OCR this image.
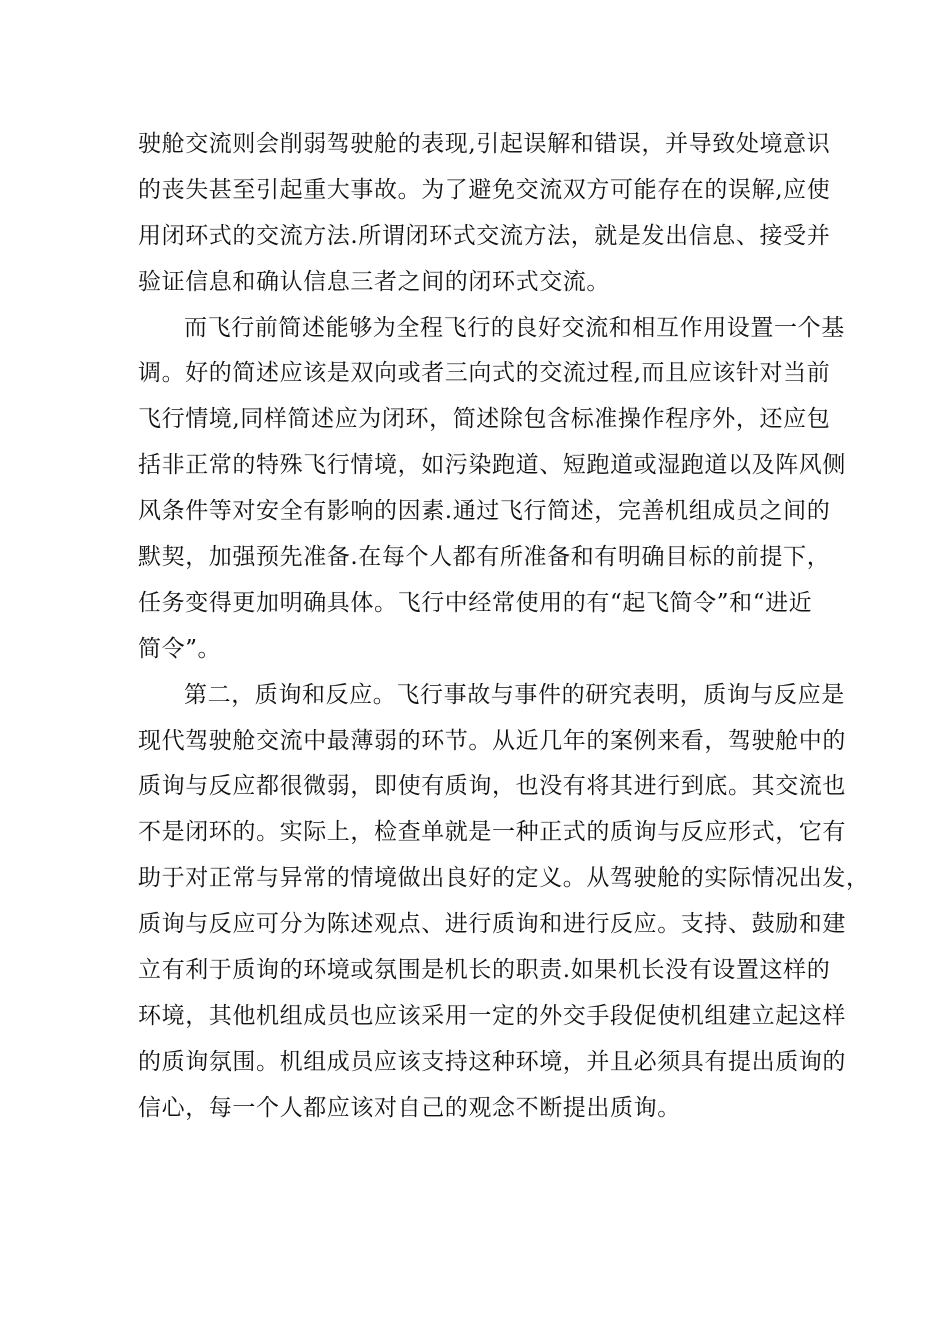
驶舱交流则会削弱驾驶舱的表现,引起误解和错误，并导致处境意识
的丧失甚至引起重大事故。为了避免交流双方可能存在的误解,应使
用闭环式的交流方法.所谓闭环式交流方法，就是发出信息、接受并
验证信息和确认信息三者之间的闭环式交流。
而飞行前简述能够为全程飞行的良好交流和相互作用设置一个基
调。好的简述应该是双向或者三向式的交流过程,而且应该针对当前
飞行情境,同样简述应为闭环，简述除包含标准操作程序外，还应包
括非正常的特殊飞行情境，如污染跑道、短跑道或湿跑道以及阵风侧
风条件等对安全有影响的因素.通过飞行简述，完善机组成员之间的
默契，加强预先准备.在每个人都有所准备和有明确目标的前提下，
任务变得更加明确具体。飞行中经常使用的有“起飞简令”和“进近
简令”。
第二，质询和反应。飞行事故与事件的研究表明，质询与反应是
现代驾驶舱交流中最薄弱的环节。从近几年的案例来看，驾驶舱中的
质询与反应都很微弱，即使有质询，也没有将其进行到底。其交流也
不是闭环的。实际上，检查单就是一种正式的质询与反应形式，它有
助于对正常与异常的情境做出良好的定义。从驾驶舱的实际情况出发，
质询与反应可分为陈述观点、进行质询和进行反应。支持、鼓励和建
立有利于质询的环境或氛围是机长的职责.如果机长没有设置这样的
环境，其他机组成员也应该采用一定的外交手段促使机组建立起这样
的质询氛围。机组成员应该支持这种环境，并且必须具有提出质询的
信心，每一个人都应该对自己的观念不断提出质询。
